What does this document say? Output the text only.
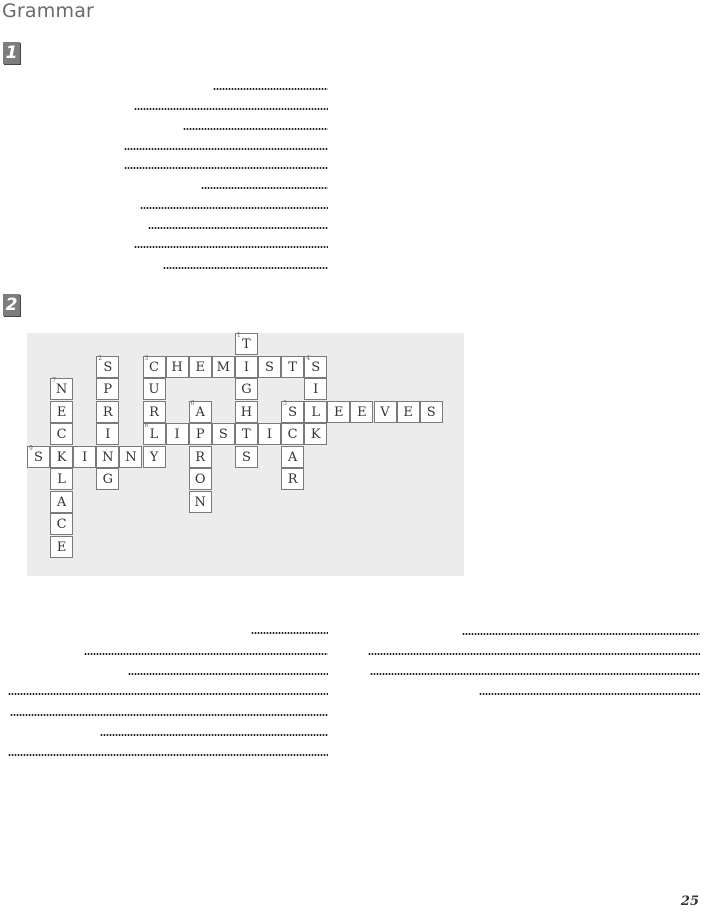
Grammar
1
2
3
C H E M	I	S	T
4
S
5
S	L	E	E	V	E	S
8
L	I	P	S	T	I	C	K
9
S	K	I	N N	Y
1
T
G
H
S
2
S
P
R
I
G
U
R
I
A
R
6
A
R
O
N
7
N
E
C
L
A
C
E
25
